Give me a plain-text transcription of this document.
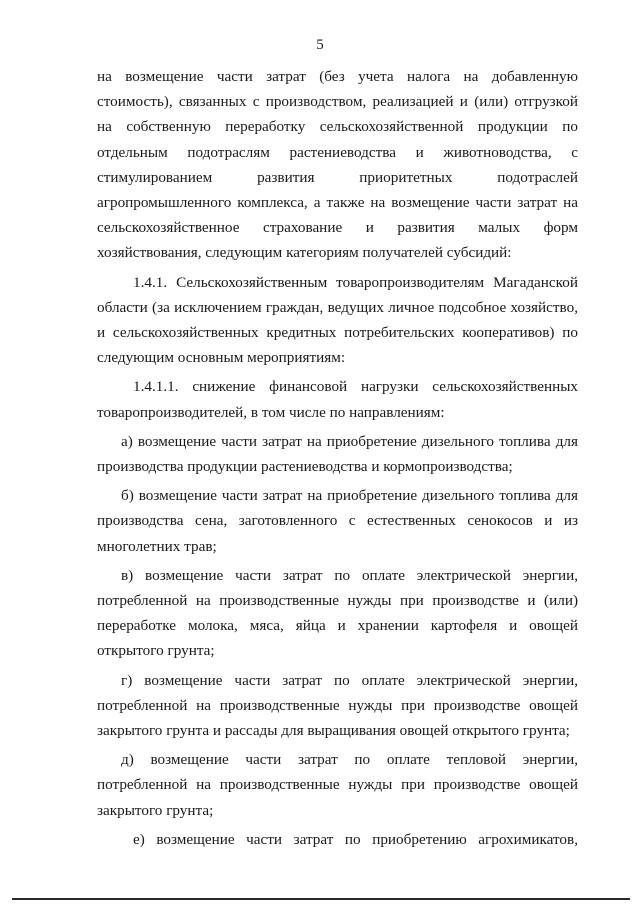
5

на возмещение части затрат (без учета налога на добавленную стоимость), связанных с производством, реализацией и (или) отгрузкой на собственную переработку сельскохозяйственной продукции по отдельным подотраслям растениеводства и животноводства, с стимулированием развития приоритетных подотраслей агропромышленного комплекса, а также на возмещение части затрат на сельскохозяйственное страхование и развития малых форм хозяйствования, следующим категориям получателей субсидий:

1.4.1. Сельскохозяйственным товаропроизводителям Магаданской области (за исключением граждан, ведущих личное подсобное хозяйство, и сельскохозяйственных кредитных потребительских кооперативов) по следующим основным мероприятиям:

1.4.1.1. снижение финансовой нагрузки сельскохозяйственных товаропроизводителей, в том числе по направлениям:

а) возмещение части затрат на приобретение дизельного топлива для производства продукции растениеводства и кормопроизводства;

б) возмещение части затрат на приобретение дизельного топлива для производства сена, заготовленного с естественных сенокосов и из многолетних трав;

в) возмещение части затрат по оплате электрической энергии, потребленной на производственные нужды при производстве и (или) переработке молока, мяса, яйца и хранении картофеля и овощей открытого грунта;

г) возмещение части затрат по оплате электрической энергии, потребленной на производственные нужды при производстве овощей закрытого грунта и рассады для выращивания овощей открытого грунта;

д) возмещение части затрат по оплате тепловой энергии, потребленной на производственные нужды при производстве овощей закрытого грунта;

е) возмещение части затрат по приобретению агрохимикатов,
